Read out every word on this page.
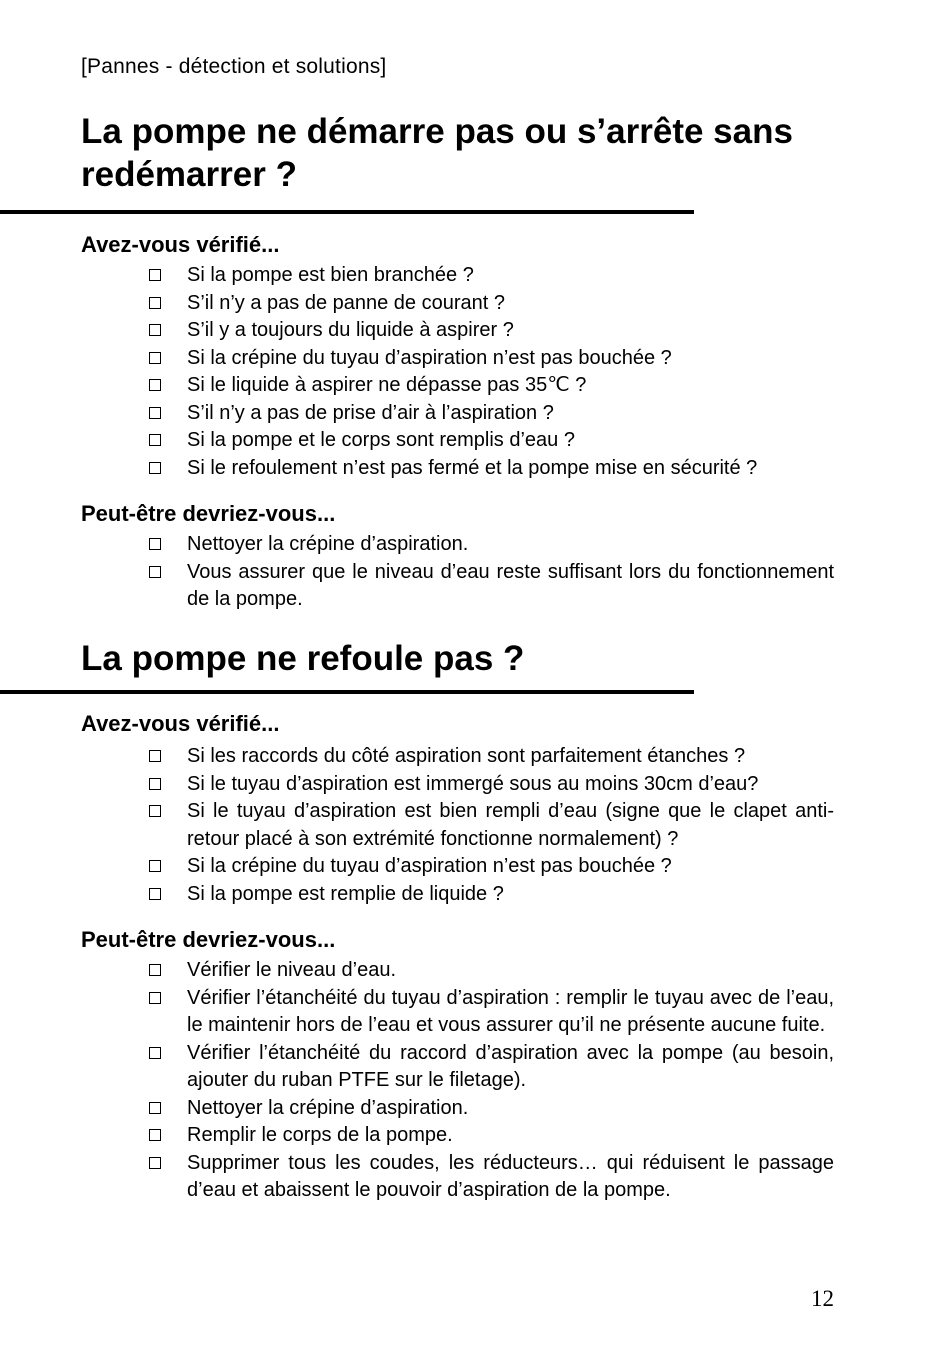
[Pannes - détection et solutions]
La pompe ne démarre pas ou s’arrête sans redémarrer ?
Avez-vous vérifié...
Si la pompe est bien branchée ?
S’il n’y a pas de panne de courant ?
S’il y a toujours du liquide à aspirer ?
Si la crépine du tuyau d’aspiration n’est pas bouchée ?
Si le liquide à aspirer ne dépasse pas 35℃ ?
S’il n’y a pas de prise d’air à l’aspiration ?
Si la pompe et le corps sont remplis d’eau ?
Si le refoulement n’est pas fermé et la pompe mise en sécurité ?
Peut-être devriez-vous...
Nettoyer la crépine d’aspiration.
Vous assurer que le niveau d’eau reste suffisant lors du fonctionnement de la pompe.
La pompe ne refoule pas ?
Avez-vous vérifié...
Si les raccords du côté aspiration sont parfaitement étanches ?
Si le tuyau d’aspiration est immergé sous au moins 30cm d’eau?
Si le tuyau d’aspiration est bien rempli d’eau (signe que le clapet anti-retour placé à son extrémité fonctionne normalement) ?
Si la crépine du tuyau d’aspiration n’est pas bouchée ?
Si la pompe est remplie de liquide ?
Peut-être devriez-vous...
Vérifier le niveau d’eau.
Vérifier l’étanchéité du tuyau d’aspiration : remplir le tuyau avec de l’eau, le maintenir hors de l’eau et vous assurer qu’il ne présente aucune fuite.
Vérifier l’étanchéité du raccord d’aspiration avec la pompe (au besoin, ajouter du ruban PTFE sur le filetage).
Nettoyer la crépine d’aspiration.
Remplir le corps de la pompe.
Supprimer tous les coudes, les réducteurs… qui réduisent le passage d’eau et abaissent le pouvoir d’aspiration de la pompe.
12
